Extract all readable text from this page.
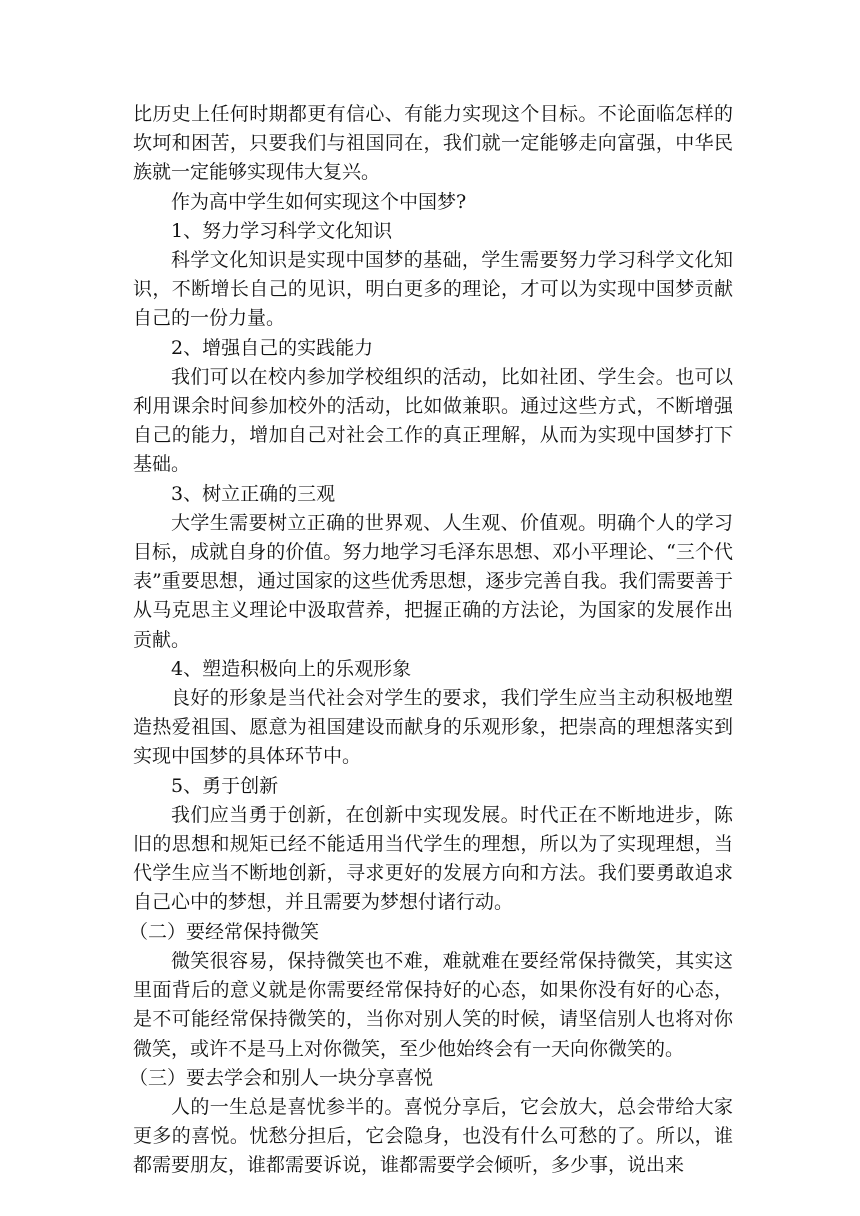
比历史上任何时期都更有信心、有能力实现这个目标。不论面临怎样的坎坷和困苦，只要我们与祖国同在，我们就一定能够走向富强，中华民族就一定能够实现伟大复兴。

作为高中学生如何实现这个中国梦?

1、努力学习科学文化知识

科学文化知识是实现中国梦的基础，学生需要努力学习科学文化知识，不断增长自己的见识，明白更多的理论，才可以为实现中国梦贡献自己的一份力量。

2、增强自己的实践能力

我们可以在校内参加学校组织的活动，比如社团、学生会。也可以利用课余时间参加校外的活动，比如做兼职。通过这些方式，不断增强自己的能力，增加自己对社会工作的真正理解，从而为实现中国梦打下基础。

3、树立正确的三观

大学生需要树立正确的世界观、人生观、价值观。明确个人的学习目标，成就自身的价值。努力地学习毛泽东思想、邓小平理论、“三个代表”重要思想，通过国家的这些优秀思想，逐步完善自我。我们需要善于从马克思主义理论中汲取营养，把握正确的方法论，为国家的发展作出贡献。

4、塑造积极向上的乐观形象

良好的形象是当代社会对学生的要求，我们学生应当主动积极地塑造热爱祖国、愿意为祖国建设而献身的乐观形象，把崇高的理想落实到实现中国梦的具体环节中。

5、勇于创新

我们应当勇于创新，在创新中实现发展。时代正在不断地进步，陈旧的思想和规矩已经不能适用当代学生的理想，所以为了实现理想，当代学生应当不断地创新，寻求更好的发展方向和方法。我们要勇敢追求自己心中的梦想，并且需要为梦想付诸行动。

（二）要经常保持微笑

微笑很容易，保持微笑也不难，难就难在要经常保持微笑，其实这里面背后的意义就是你需要经常保持好的心态，如果你没有好的心态，是不可能经常保持微笑的，当你对别人笑的时候，请坚信别人也将对你微笑，或许不是马上对你微笑，至少他始终会有一天向你微笑的。

（三）要去学会和别人一块分享喜悦

人的一生总是喜忧参半的。喜悦分享后，它会放大，总会带给大家更多的喜悦。忧愁分担后，它会隐身，也没有什么可愁的了。所以，谁都需要朋友，谁都需要诉说，谁都需要学会倾听，多少事，说出来
